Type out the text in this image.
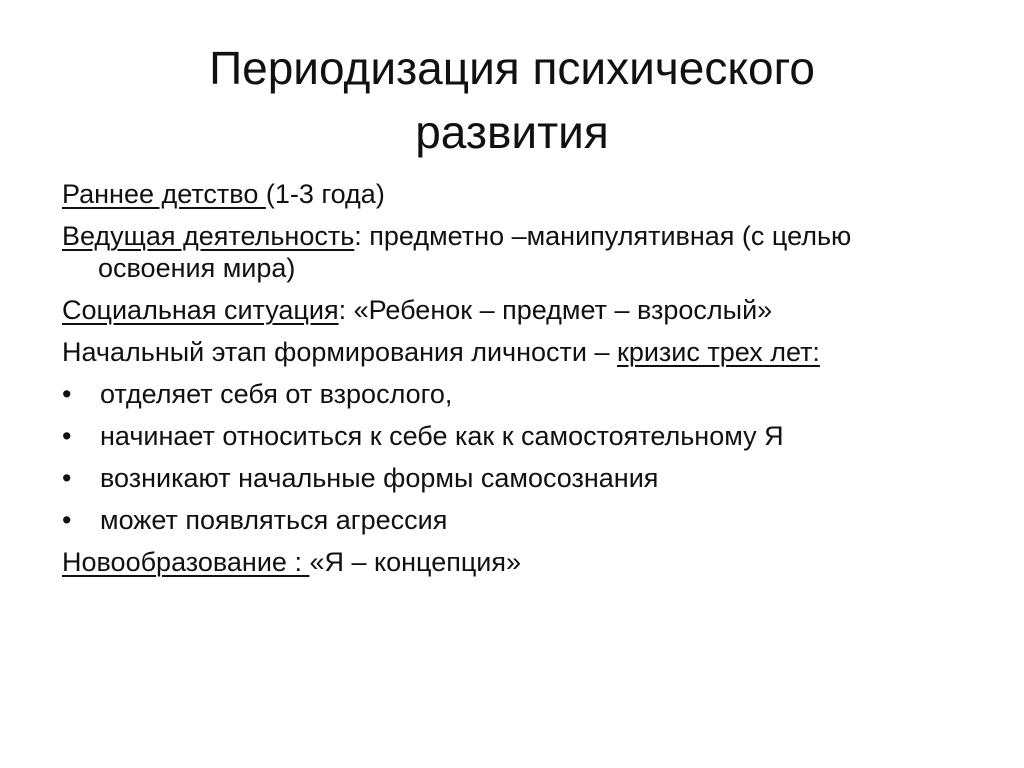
Периодизация психического
развития

Раннее детство (1-3 года)

Ведущая деятельность: предметно –манипулятивная (с целью освоения мира)

Социальная ситуация: «Ребенок – предмет – взрослый»

Начальный этап формирования личности – кризис трех лет:

• отделяет себя от взрослого,
• начинает относиться к себе как к самостоятельному Я
• возникают начальные формы самосознания
• может появляться агрессия

Новообразование : «Я – концепция»
